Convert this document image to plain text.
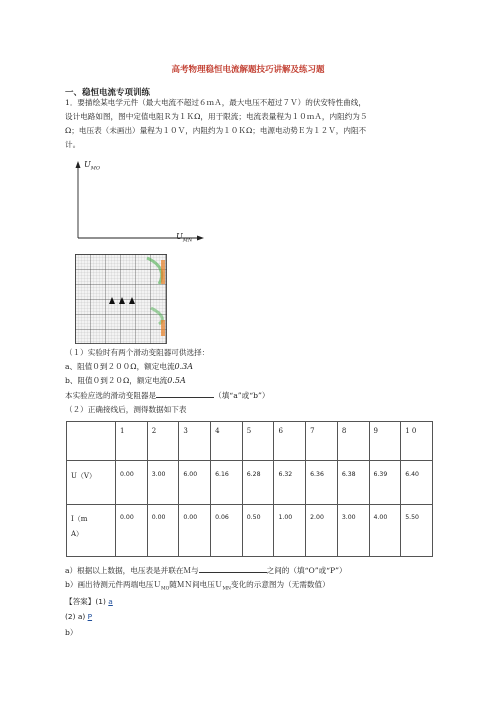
高考物理稳恒电流解题技巧讲解及练习题
一、稳恒电流专项训练
1．要描绘某电学元件（最大电流不超过６ｍＡ，最大电压不超过７Ｖ）的伏安特性曲线，
设计电路如图，图中定值电阻Ｒ为１ＫΩ，用于限流；电流表量程为１０ｍＡ，内阻约为５
Ω；电压表（未画出）量程为１０Ｖ，内阻约为１０ＫΩ；电源电动势Ｅ为１２Ｖ，内阻不
计。
$U_{MO}$
$U_{MN}$
（１）实验时有两个滑动变阻器可供选择：
a、阻值０到２００Ω，额定电流0.3A
b、阻值０到２０Ω，额定电流0.5A
本实验应选的滑动变阻器是	（填“a”或“b”）
（２）正确接线后，测得数据如下表
	1	2	3	4	5	6	7	8	9	1 0
U（V）	0.00	3.00	6.00	6.16	6.28	6.32	6.36	6.38	6.39	6.40

I（m
A）	0.00	0.00	0.00	0.06	0.50	1.00	2.00	3.00	4.00	5.50
a）根据以上数据，电压表是并联在Ｍ与	之间的（填“O”或“P”）
b）画出待测元件两端电压Ｕ$_{MO}$随ＭＮ间电压Ｕ$_{MN}$变化的示意图为（无需数值）
【答案】(1) a
(2) a) P
b）
